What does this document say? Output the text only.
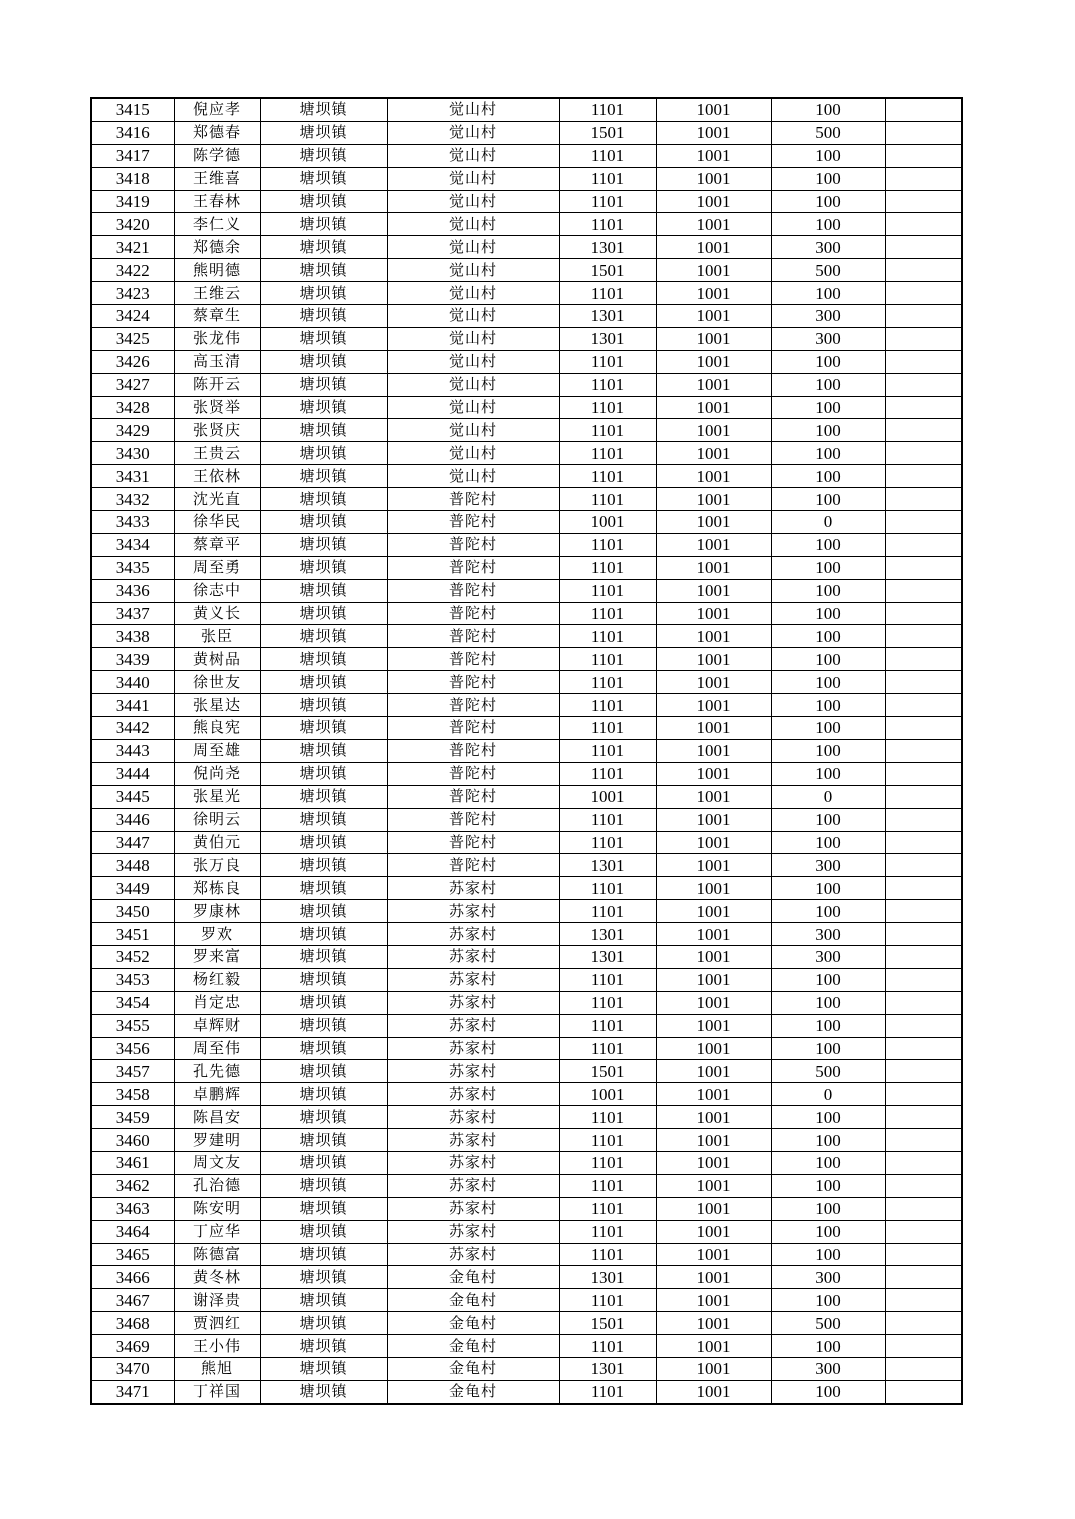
3415	倪应孝	塘坝镇	觉山村	1101	1001	100	
3416	郑德春	塘坝镇	觉山村	1501	1001	500	
3417	陈学德	塘坝镇	觉山村	1101	1001	100	
3418	王维喜	塘坝镇	觉山村	1101	1001	100	
3419	王春林	塘坝镇	觉山村	1101	1001	100	
3420	李仁义	塘坝镇	觉山村	1101	1001	100	
3421	郑德余	塘坝镇	觉山村	1301	1001	300	
3422	熊明德	塘坝镇	觉山村	1501	1001	500	
3423	王维云	塘坝镇	觉山村	1101	1001	100	
3424	蔡章生	塘坝镇	觉山村	1301	1001	300	
3425	张龙伟	塘坝镇	觉山村	1301	1001	300	
3426	高玉清	塘坝镇	觉山村	1101	1001	100	
3427	陈开云	塘坝镇	觉山村	1101	1001	100	
3428	张贤举	塘坝镇	觉山村	1101	1001	100	
3429	张贤庆	塘坝镇	觉山村	1101	1001	100	
3430	王贵云	塘坝镇	觉山村	1101	1001	100	
3431	王依林	塘坝镇	觉山村	1101	1001	100	
3432	沈光直	塘坝镇	普陀村	1101	1001	100	
3433	徐华民	塘坝镇	普陀村	1001	1001	0	
3434	蔡章平	塘坝镇	普陀村	1101	1001	100	
3435	周至勇	塘坝镇	普陀村	1101	1001	100	
3436	徐志中	塘坝镇	普陀村	1101	1001	100	
3437	黄义长	塘坝镇	普陀村	1101	1001	100	
3438	张臣	塘坝镇	普陀村	1101	1001	100	
3439	黄树品	塘坝镇	普陀村	1101	1001	100	
3440	徐世友	塘坝镇	普陀村	1101	1001	100	
3441	张星达	塘坝镇	普陀村	1101	1001	100	
3442	熊良宪	塘坝镇	普陀村	1101	1001	100	
3443	周至雄	塘坝镇	普陀村	1101	1001	100	
3444	倪尚尧	塘坝镇	普陀村	1101	1001	100	
3445	张星光	塘坝镇	普陀村	1001	1001	0	
3446	徐明云	塘坝镇	普陀村	1101	1001	100	
3447	黄伯元	塘坝镇	普陀村	1101	1001	100	
3448	张万良	塘坝镇	普陀村	1301	1001	300	
3449	郑栋良	塘坝镇	苏家村	1101	1001	100	
3450	罗康林	塘坝镇	苏家村	1101	1001	100	
3451	罗欢	塘坝镇	苏家村	1301	1001	300	
3452	罗来富	塘坝镇	苏家村	1301	1001	300	
3453	杨红毅	塘坝镇	苏家村	1101	1001	100	
3454	肖定忠	塘坝镇	苏家村	1101	1001	100	
3455	卓辉财	塘坝镇	苏家村	1101	1001	100	
3456	周至伟	塘坝镇	苏家村	1101	1001	100	
3457	孔先德	塘坝镇	苏家村	1501	1001	500	
3458	卓鹏辉	塘坝镇	苏家村	1001	1001	0	
3459	陈昌安	塘坝镇	苏家村	1101	1001	100	
3460	罗建明	塘坝镇	苏家村	1101	1001	100	
3461	周文友	塘坝镇	苏家村	1101	1001	100	
3462	孔治德	塘坝镇	苏家村	1101	1001	100	
3463	陈安明	塘坝镇	苏家村	1101	1001	100	
3464	丁应华	塘坝镇	苏家村	1101	1001	100	
3465	陈德富	塘坝镇	苏家村	1101	1001	100	
3466	黄冬林	塘坝镇	金龟村	1301	1001	300	
3467	谢泽贵	塘坝镇	金龟村	1101	1001	100	
3468	贾泗红	塘坝镇	金龟村	1501	1001	500	
3469	王小伟	塘坝镇	金龟村	1101	1001	100	
3470	熊旭	塘坝镇	金龟村	1301	1001	300	
3471	丁祥国	塘坝镇	金龟村	1101	1001	100	
